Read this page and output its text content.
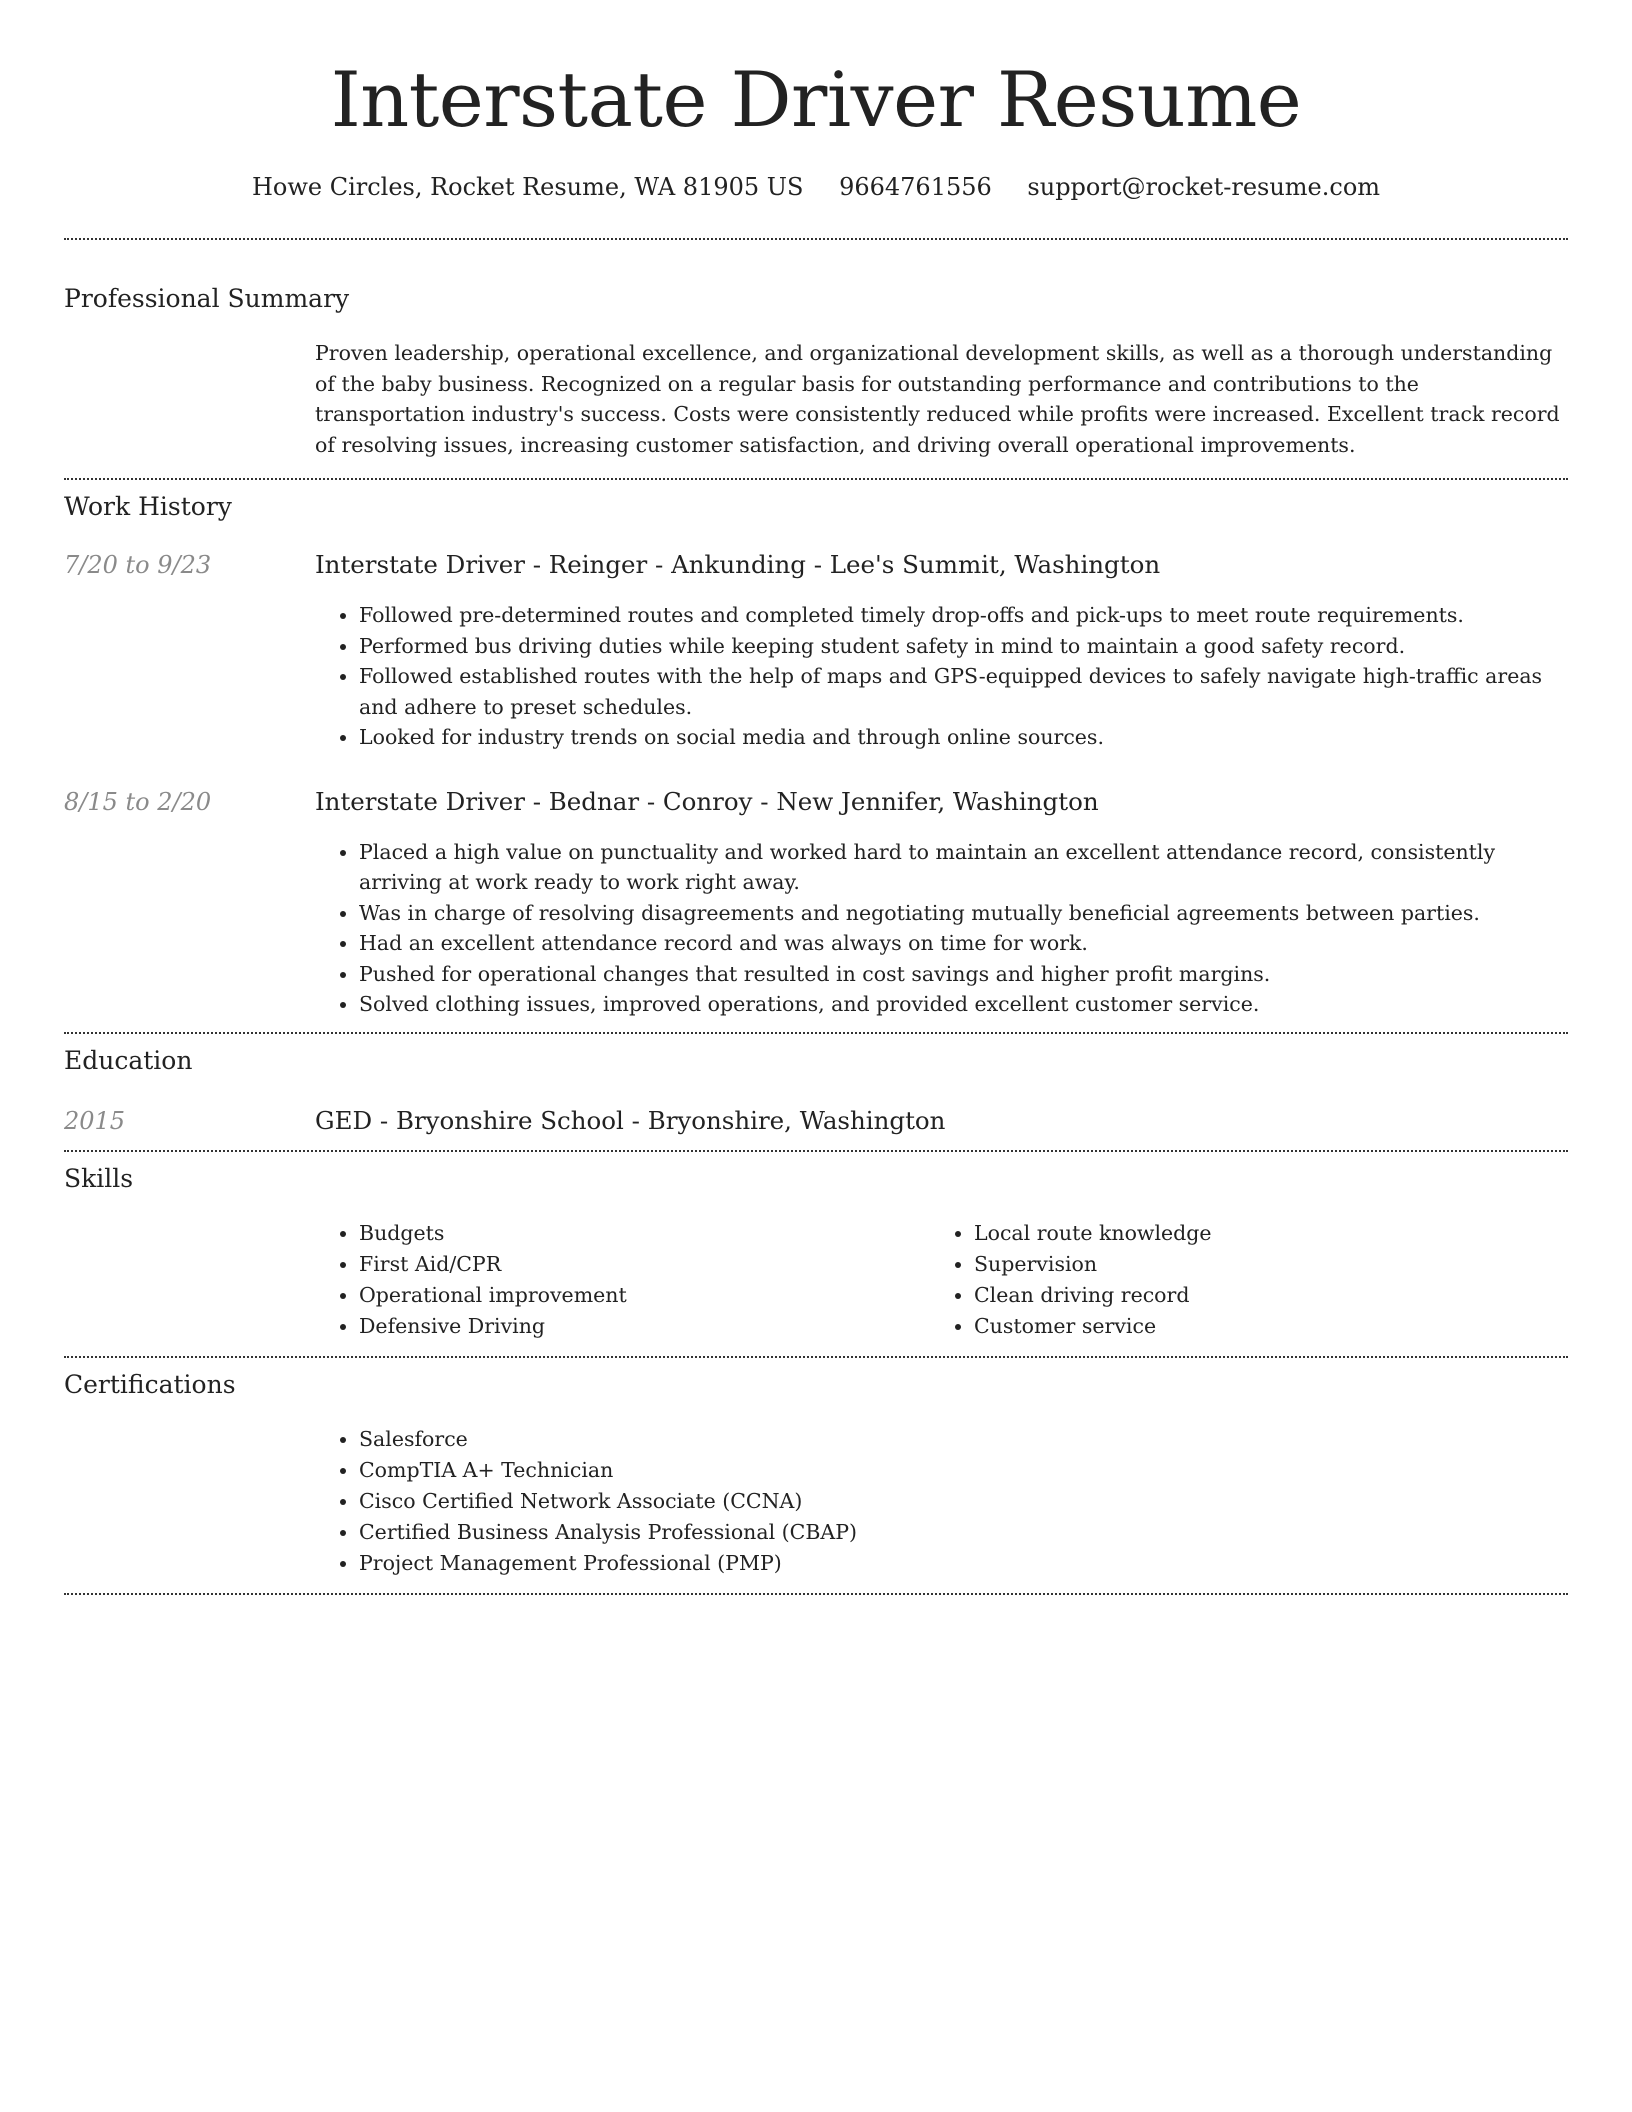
Interstate Driver Resume
Howe Circles, Rocket Resume, WA 81905 US 9664761556 support@rocket-resume.com
Professional Summary

Proven leadership, operational excellence, and organizational development skills, as well as a thorough understanding of the baby business. Recognized on a regular basis for outstanding performance and contributions to the transportation industry's success. Costs were consistently reduced while profits were increased. Excellent track record of resolving issues, increasing customer satisfaction, and driving overall operational improvements.

Work History
7/20 to 9/23	Interstate Driver - Reinger - Ankunding - Lee's Summit, Washington
• Followed pre-determined routes and completed timely drop-offs and pick-ups to meet route requirements.
• Performed bus driving duties while keeping student safety in mind to maintain a good safety record.
• Followed established routes with the help of maps and GPS-equipped devices to safely navigate high-traffic areas and adhere to preset schedules.
• Looked for industry trends on social media and through online sources.
8/15 to 2/20	Interstate Driver - Bednar - Conroy - New Jennifer, Washington
• Placed a high value on punctuality and worked hard to maintain an excellent attendance record, consistently arriving at work ready to work right away.
• Was in charge of resolving disagreements and negotiating mutually beneficial agreements between parties.
• Had an excellent attendance record and was always on time for work.
• Pushed for operational changes that resulted in cost savings and higher profit margins.
• Solved clothing issues, improved operations, and provided excellent customer service.
Education
2015	GED - Bryonshire School - Bryonshire, Washington
Skills
• Budgets
• First Aid/CPR
• Operational improvement
• Defensive Driving
• Local route knowledge
• Supervision
• Clean driving record
• Customer service
Certifications
• Salesforce
• CompTIA A+ Technician
• Cisco Certified Network Associate (CCNA)
• Certified Business Analysis Professional (CBAP)
• Project Management Professional (PMP)
